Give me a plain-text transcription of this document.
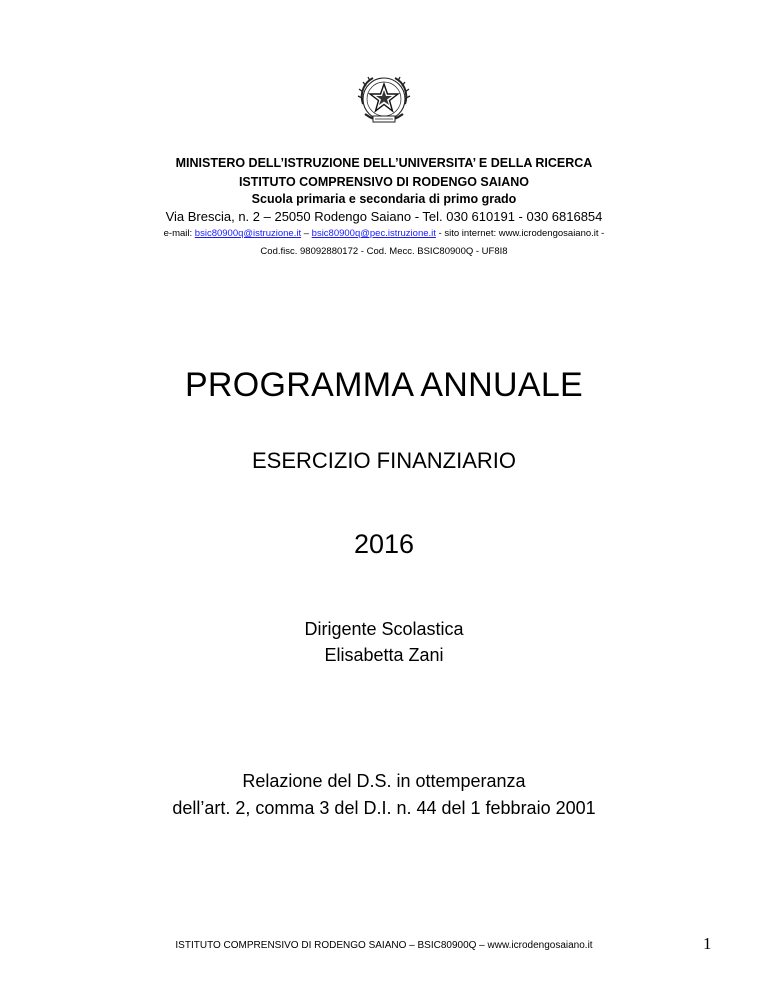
MINISTERO DELL’ISTRUZIONE DELL’UNIVERSITA’ E DELLA RICERCA

ISTITUTO COMPRENSIVO DI RODENGO SAIANO

Scuola primaria e secondaria di primo grado

Via Brescia, n. 2 – 25050 Rodengo Saiano - Tel. 030 610191 - 030 6816854

e-mail: bsic80900q@istruzione.it – bsic80900q@pec.istruzione.it - sito internet: www.icrodengosaiano.it -

Cod.fisc. 98092880172 - Cod. Mecc. BSIC80900Q - UF8I8

PROGRAMMA ANNUALE
ESERCIZIO FINANZIARIO
2016
Dirigente Scolastica
Elisabetta Zani
Relazione del D.S. in ottemperanza
dell’art. 2, comma 3 del D.I. n. 44 del 1 febbraio 2001
ISTITUTO COMPRENSIVO DI RODENGO SAIANO – BSIC80900Q – www.icrodengosaiano.it	1
